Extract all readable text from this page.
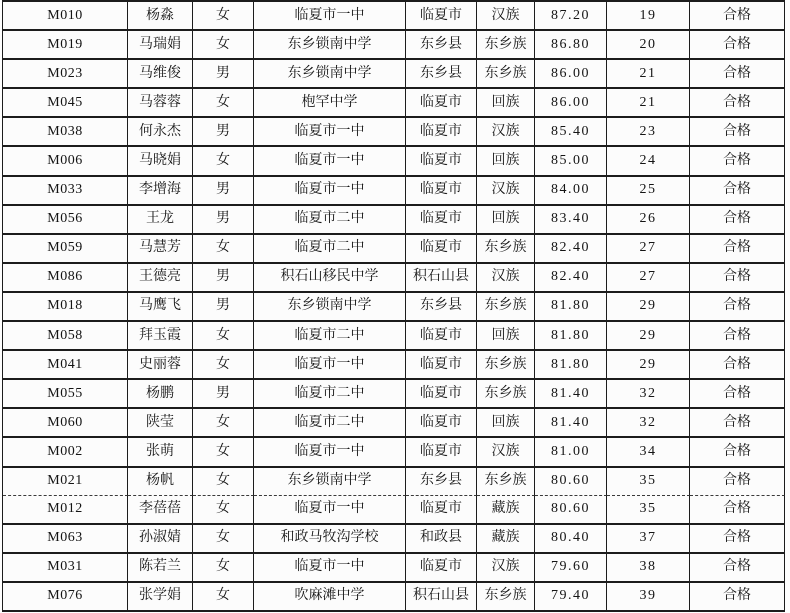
M010	杨淼	女	临夏市一中	临夏市	汉族	87.20	19	合格
M019	马瑞娟	女	东乡锁南中学	东乡县	东乡族	86.80	20	合格
M023	马维俊	男	东乡锁南中学	东乡县	东乡族	86.00	21	合格
M045	马蓉蓉	女	枹罕中学	临夏市	回族	86.00	21	合格
M038	何永杰	男	临夏市一中	临夏市	汉族	85.40	23	合格
M006	马晓娟	女	临夏市一中	临夏市	回族	85.00	24	合格
M033	李增海	男	临夏市一中	临夏市	汉族	84.00	25	合格
M056	王龙	男	临夏市二中	临夏市	回族	83.40	26	合格
M059	马慧芳	女	临夏市二中	临夏市	东乡族	82.40	27	合格
M086	王德亮	男	积石山移民中学	积石山县	汉族	82.40	27	合格
M018	马鹰飞	男	东乡锁南中学	东乡县	东乡族	81.80	29	合格
M058	拜玉霞	女	临夏市二中	临夏市	回族	81.80	29	合格
M041	史丽蓉	女	临夏市一中	临夏市	东乡族	81.80	29	合格
M055	杨鹏	男	临夏市二中	临夏市	东乡族	81.40	32	合格
M060	陕莹	女	临夏市二中	临夏市	回族	81.40	32	合格
M002	张萌	女	临夏市一中	临夏市	汉族	81.00	34	合格
M021	杨帆	女	东乡锁南中学	东乡县	东乡族	80.60	35	合格
M012	李蓓蓓	女	临夏市一中	临夏市	藏族	80.60	35	合格
M063	孙淑婧	女	和政马牧沟学校	和政县	藏族	80.40	37	合格
M031	陈若兰	女	临夏市一中	临夏市	汉族	79.60	38	合格
M076	张学娟	女	吹麻滩中学	积石山县	东乡族	79.40	39	合格
